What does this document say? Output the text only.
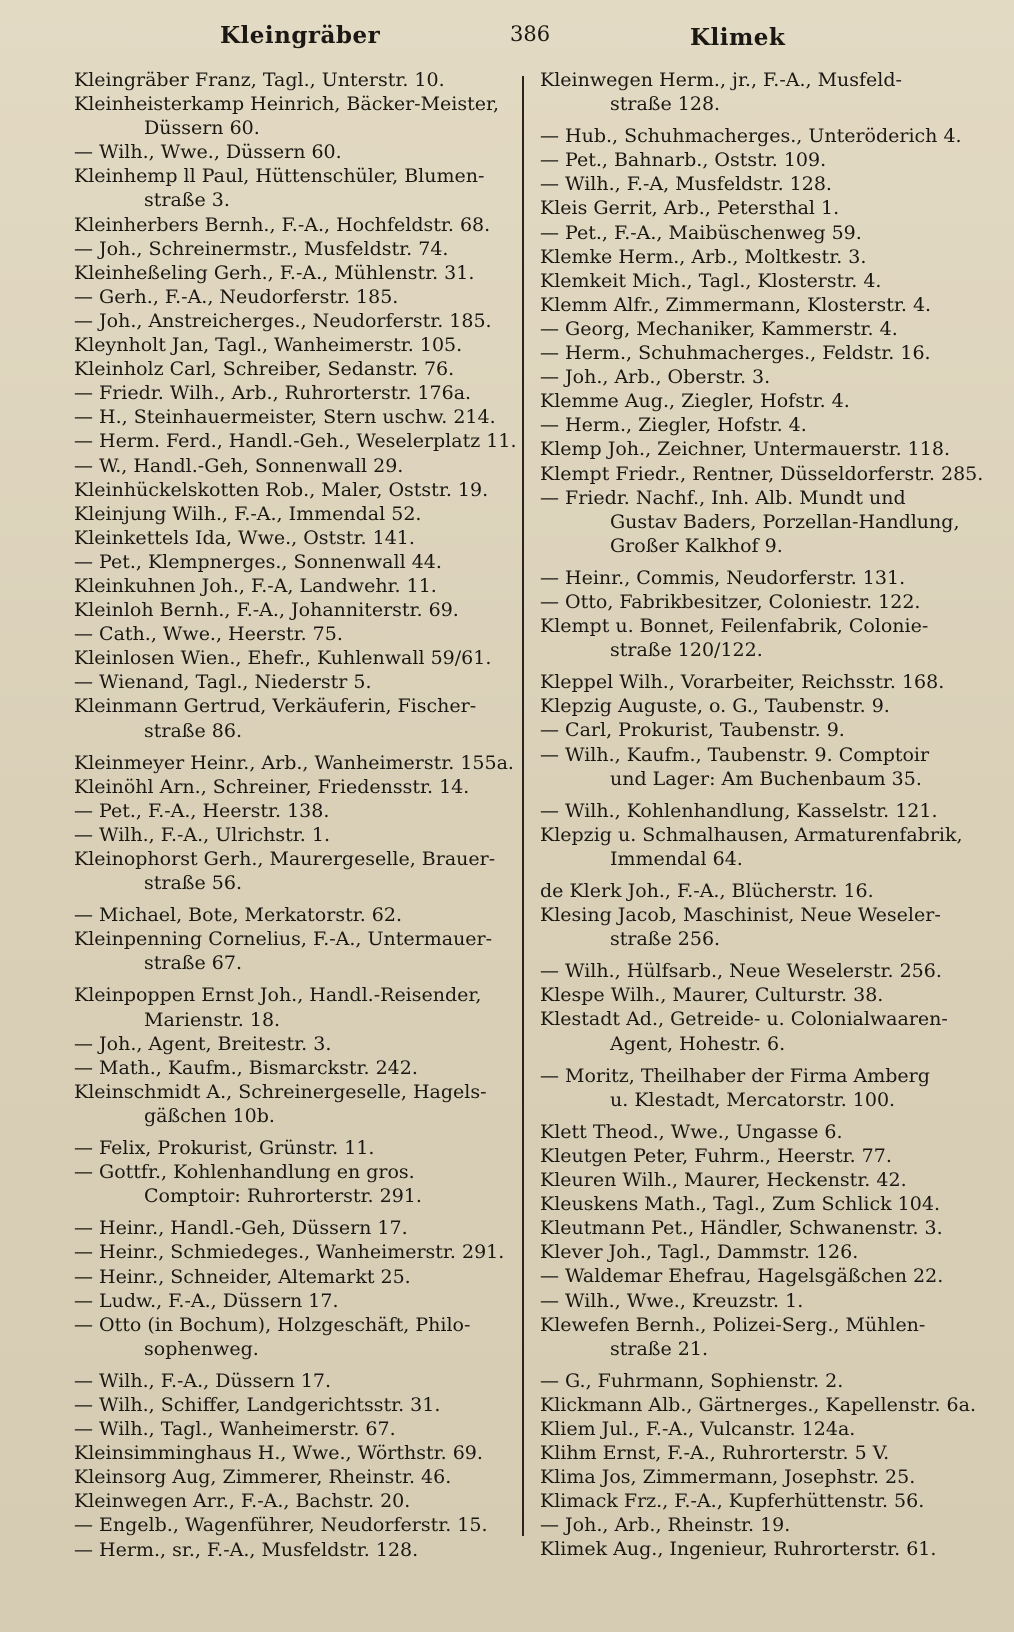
Kleingräber	386	Klimek
Kleingräber Franz, Tagl., Unterstr. 10.
Kleinheisterkamp Heinrich, Bäcker-Meister,
Düssern 60.
— Wilh., Wwe., Düssern 60.
Kleinhemp ll Paul, Hüttenschüler, Blumen-
straße 3.
Kleinherbers Bernh., F.-A., Hochfeldstr. 68.
— Joh., Schreinermstr., Musfeldstr. 74.
Kleinheßeling Gerh., F.-A., Mühlenstr. 31.
— Gerh., F.-A., Neudorferstr. 185.
— Joh., Anstreicherges., Neudorferstr. 185.
Kleynholt Jan, Tagl., Wanheimerstr. 105.
Kleinholz Carl, Schreiber, Sedanstr. 76.
— Friedr. Wilh., Arb., Ruhrorterstr. 176a.
— H., Steinhauermeister, Stern uschw. 214.
— Herm. Ferd., Handl.-Geh., Weselerplatz 11.
— W., Handl.-Geh, Sonnenwall 29.
Kleinhückelskotten Rob., Maler, Oststr. 19.
Kleinjung Wilh., F.-A., Immendal 52.
Kleinkettels Ida, Wwe., Oststr. 141.
— Pet., Klempnerges., Sonnenwall 44.
Kleinkuhnen Joh., F.-A, Landwehr. 11.
Kleinloh Bernh., F.-A., Johanniterstr. 69.
— Cath., Wwe., Heerstr. 75.
Kleinlosen Wien., Ehefr., Kuhlenwall 59/61.
— Wienand, Tagl., Niederstr 5.
Kleinmann Gertrud, Verkäuferin, Fischer-
straße 86.
Kleinmeyer Heinr., Arb., Wanheimerstr. 155a.
Kleinöhl Arn., Schreiner, Friedensstr. 14.
— Pet., F.-A., Heerstr. 138.
— Wilh., F.-A., Ulrichstr. 1.
Kleinophorst Gerh., Maurergeselle, Brauer-
straße 56.
— Michael, Bote, Merkatorstr. 62.
Kleinpenning Cornelius, F.-A., Untermauer-
straße 67.
Kleinpoppen Ernst Joh., Handl.-Reisender,
Marienstr. 18.
— Joh., Agent, Breitestr. 3.
— Math., Kaufm., Bismarckstr. 242.
Kleinschmidt A., Schreinergeselle, Hagels-
gäßchen 10b.
— Felix, Prokurist, Grünstr. 11.
— Gottfr., Kohlenhandlung en gros.
Comptoir: Ruhrorterstr. 291.
— Heinr., Handl.-Geh, Düssern 17.
— Heinr., Schmiedeges., Wanheimerstr. 291.
— Heinr., Schneider, Altemarkt 25.
— Ludw., F.-A., Düssern 17.
— Otto (in Bochum), Holzgeschäft, Philo-
sophenweg.
— Wilh., F.-A., Düssern 17.
— Wilh., Schiffer, Landgerichtsstr. 31.
— Wilh., Tagl., Wanheimerstr. 67.
Kleinsimminghaus H., Wwe., Wörthstr. 69.
Kleinsorg Aug, Zimmerer, Rheinstr. 46.
Kleinwegen Arr., F.-A., Bachstr. 20.
— Engelb., Wagenführer, Neudorferstr. 15.
— Herm., sr., F.-A., Musfeldstr. 128.
Kleinwegen Herm., jr., F.-A., Musfeld-
straße 128.
— Hub., Schuhmacherges., Unteröderich 4.
— Pet., Bahnarb., Oststr. 109.
— Wilh., F.-A, Musfeldstr. 128.
Kleis Gerrit, Arb., Petersthal 1.
— Pet., F.-A., Maibüschenweg 59.
Klemke Herm., Arb., Moltkestr. 3.
Klemkeit Mich., Tagl., Klosterstr. 4.
Klemm Alfr., Zimmermann, Klosterstr. 4.
— Georg, Mechaniker, Kammerstr. 4.
— Herm., Schuhmacherges., Feldstr. 16.
— Joh., Arb., Oberstr. 3.
Klemme Aug., Ziegler, Hofstr. 4.
— Herm., Ziegler, Hofstr. 4.
Klemp Joh., Zeichner, Untermauerstr. 118.
Klempt Friedr., Rentner, Düsseldorferstr. 285.
— Friedr. Nachf., Inh. Alb. Mundt und
Gustav Baders, Porzellan-Handlung,
Großer Kalkhof 9.
— Heinr., Commis, Neudorferstr. 131.
— Otto, Fabrikbesitzer, Coloniestr. 122.
Klempt u. Bonnet, Feilenfabrik, Colonie-
straße 120/122.
Kleppel Wilh., Vorarbeiter, Reichsstr. 168.
Klepzig Auguste, o. G., Taubenstr. 9.
— Carl, Prokurist, Taubenstr. 9.
— Wilh., Kaufm., Taubenstr. 9. Comptoir
und Lager: Am Buchenbaum 35.
— Wilh., Kohlenhandlung, Kasselstr. 121.
Klepzig u. Schmalhausen, Armaturenfabrik,
Immendal 64.
de Klerk Joh., F.-A., Blücherstr. 16.
Klesing Jacob, Maschinist, Neue Weseler-
straße 256.
— Wilh., Hülfsarb., Neue Weselerstr. 256.
Klespe Wilh., Maurer, Culturstr. 38.
Klestadt Ad., Getreide- u. Colonialwaaren-
Agent, Hohestr. 6.
— Moritz, Theilhaber der Firma Amberg
u. Klestadt, Mercatorstr. 100.
Klett Theod., Wwe., Ungasse 6.
Kleutgen Peter, Fuhrm., Heerstr. 77.
Kleuren Wilh., Maurer, Heckenstr. 42.
Kleuskens Math., Tagl., Zum Schlick 104.
Kleutmann Pet., Händler, Schwanenstr. 3.
Klever Joh., Tagl., Dammstr. 126.
— Waldemar Ehefrau, Hagelsgäßchen 22.
— Wilh., Wwe., Kreuzstr. 1.
Klewefen Bernh., Polizei-Serg., Mühlen-
straße 21.
— G., Fuhrmann, Sophienstr. 2.
Klickmann Alb., Gärtnerges., Kapellenstr. 6a.
Kliem Jul., F.-A., Vulcanstr. 124a.
Klihm Ernst, F.-A., Ruhrorterstr. 5 V.
Klima Jos, Zimmermann, Josephstr. 25.
Klimack Frz., F.-A., Kupferhüttenstr. 56.
— Joh., Arb., Rheinstr. 19.
Klimek Aug., Ingenieur, Ruhrorterstr. 61.
